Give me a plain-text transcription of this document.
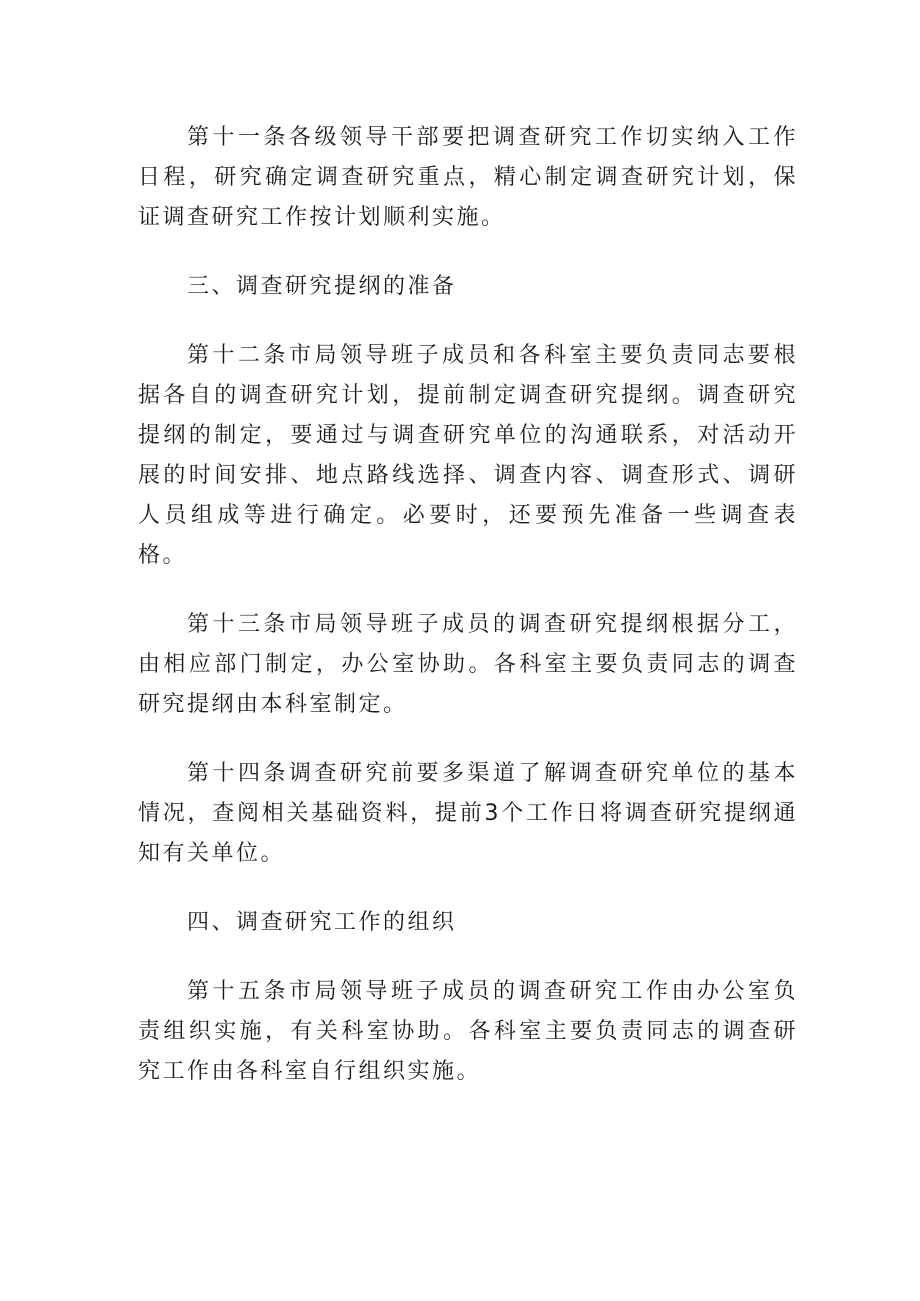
第十一条各级领导干部要把调查研究工作切实纳入工作日程，研究确定调查研究重点，精心制定调查研究计划，保证调查研究工作按计划顺利实施。

三、调查研究提纲的准备

第十二条市局领导班子成员和各科室主要负责同志要根据各自的调查研究计划，提前制定调查研究提纲。调查研究提纲的制定，要通过与调查研究单位的沟通联系，对活动开展的时间安排、地点路线选择、调查内容、调查形式、调研人员组成等进行确定。必要时，还要预先准备一些调查表格。

第十三条市局领导班子成员的调查研究提纲根据分工，由相应部门制定，办公室协助。各科室主要负责同志的调查研究提纲由本科室制定。

第十四条调查研究前要多渠道了解调查研究单位的基本情况，查阅相关基础资料，提前3个工作日将调查研究提纲通知有关单位。

四、调查研究工作的组织

第十五条市局领导班子成员的调查研究工作由办公室负责组织实施，有关科室协助。各科室主要负责同志的调查研究工作由各科室自行组织实施。
